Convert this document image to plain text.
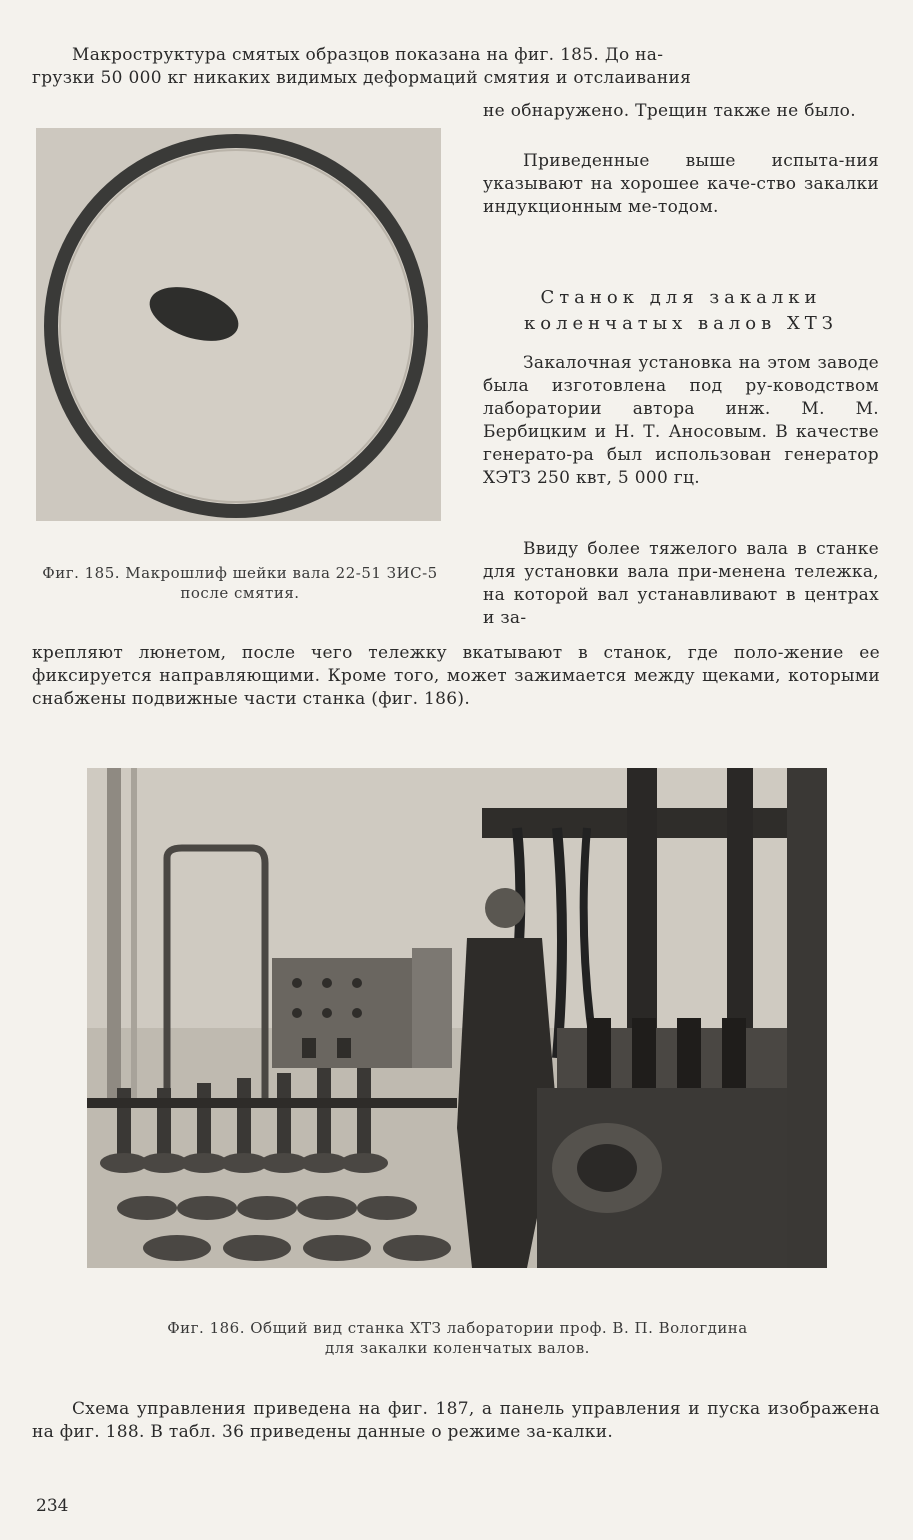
Макроструктура смятых образцов показана на фиг. 185. До на-
грузки 50 000 кг никаких видимых деформаций смятия и отслаивания
не обнаружено. Трещин также не было.
Приведенные выше испыта-ния указывают на хорошее каче-ство закалки индукционным ме-тодом.
Станок для закалки
коленчатых валов ХТЗ
Закалочная установка на этом заводе была изготовлена под ру-ководством лаборатории автора инж. М. М. Бербицким и Н. Т. Аносовым. В качестве генерато-ра был использован генератор ХЭТЗ 250 квт, 5 000 гц.
Фиг. 185. Макрошлиф шейки вала 22-51 ЗИС-5 после смятия.
Ввиду более тяжелого вала в станке для установки вала при-менена тележка, на которой вал устанавливают в центрах и за-
крепляют люнетом, после чего тележку вкатывают в станок, где поло-жение ее фиксируется направляющими. Кроме того, может зажимается между щеками, которыми снабжены подвижные части станка (фиг. 186).
Фиг. 186. Общий вид станка ХТЗ лаборатории проф. В. П. Вологдина
для закалки коленчатых валов.
Схема управления приведена на фиг. 187, а панель управления и пуска изображена на фиг. 188. В табл. 36 приведены данные о режиме за-калки.
234
